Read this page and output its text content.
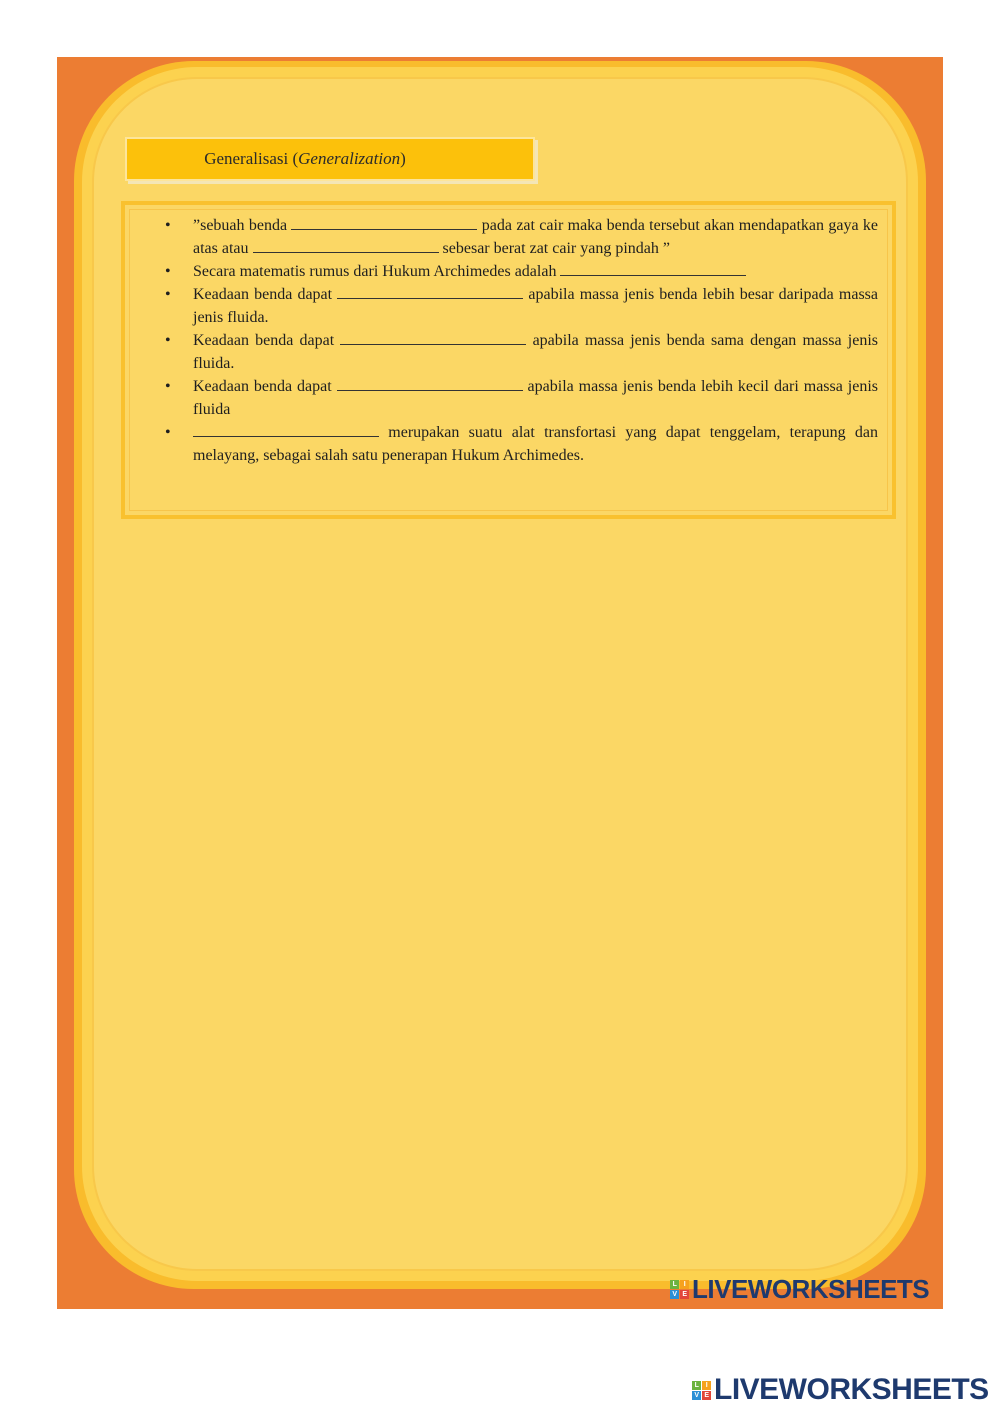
Generalisasi (Generalization)
• ”sebuah benda	pada zat cair maka benda tersebut akan mendapatkan gaya ke atas atau	sebesar berat zat cair yang pindah ”
• Secara matematis rumus dari Hukum Archimedes adalah
• Keadaan benda dapat	apabila massa jenis benda lebih besar daripada massa jenis fluida.
• Keadaan benda dapat	apabila massa jenis benda sama dengan massa jenis fluida.
• Keadaan benda dapat	apabila massa jenis benda lebih kecil dari massa jenis fluida
• merupakan suatu alat transfortasi yang dapat tenggelam, terapung dan melayang, sebagai salah satu penerapan Hukum Archimedes.
L	I
V E LIVEWORKSHEETS
L	I
V E LIVEWORKSHEETS
